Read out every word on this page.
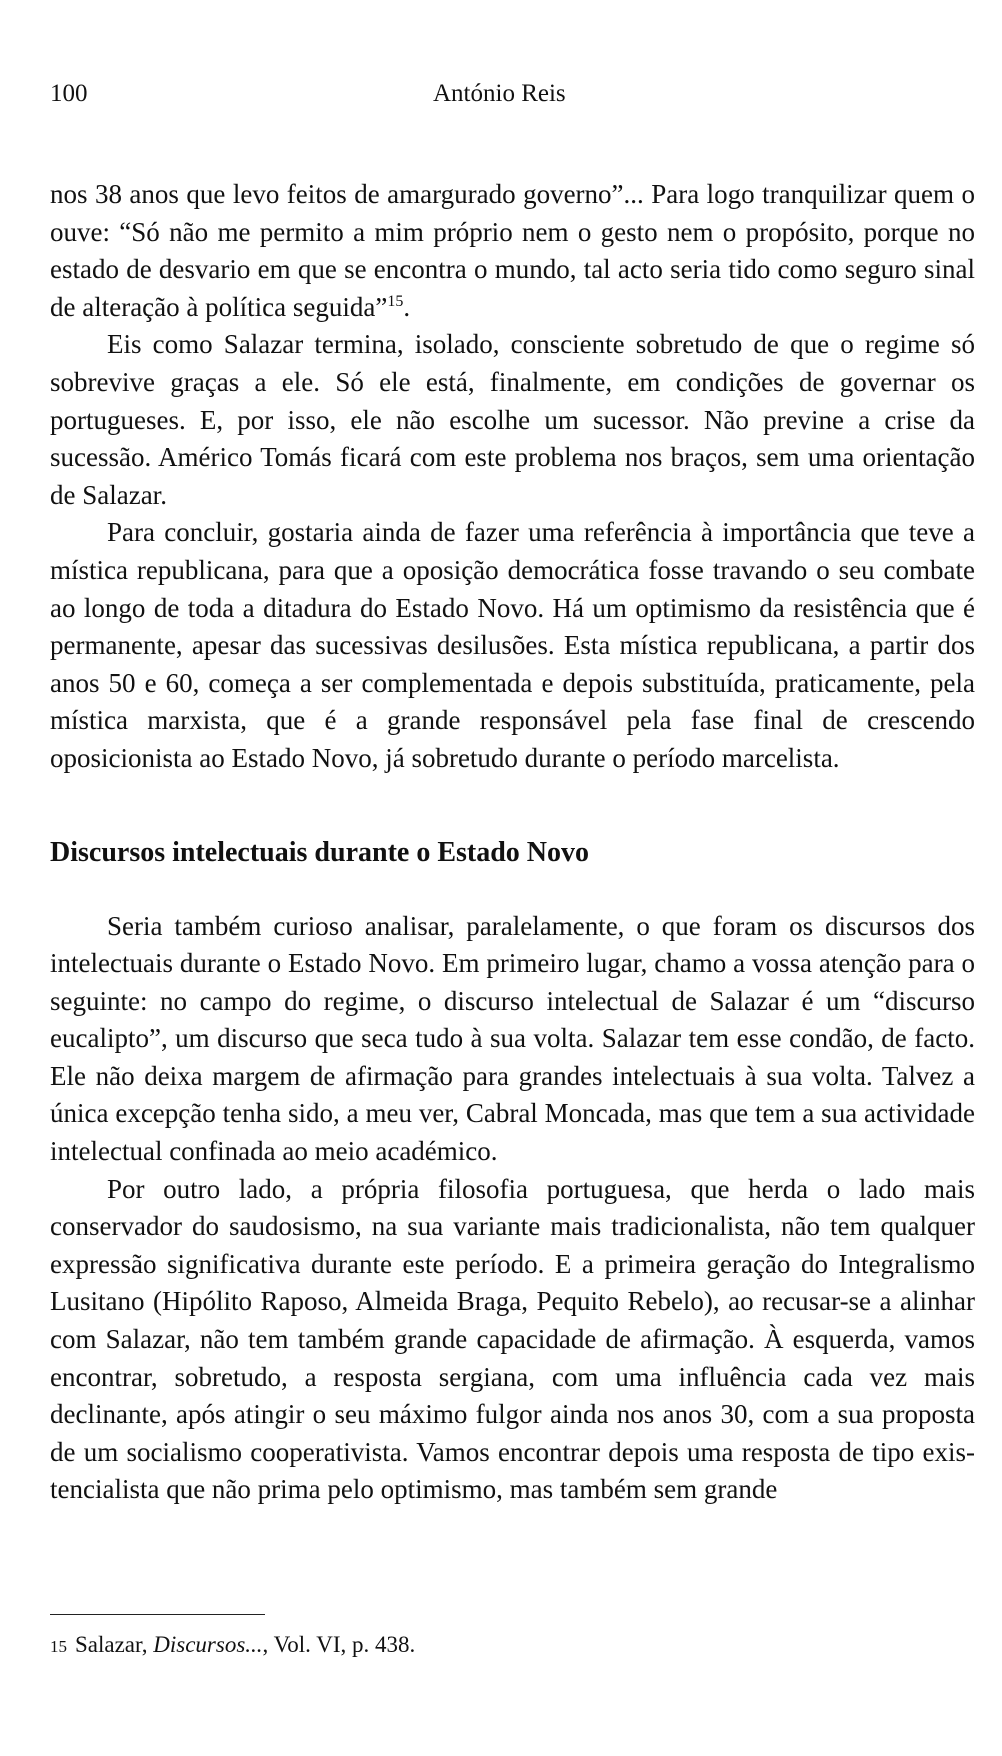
100	António Reis

nos 38 anos que levo feitos de amargurado governo”... Para logo tranquilizar quem o ouve: “Só não me permito a mim próprio nem o gesto nem o propósito, porque no estado de desvario em que se encontra o mundo, tal acto seria tido como seguro sinal de alteração à política seguida”$^{15}$.

Eis como Salazar termina, isolado, consciente sobretudo de que o regime só sobrevive graças a ele. Só ele está, finalmente, em condições de governar os portugueses. E, por isso, ele não escolhe um sucessor. Não previne a crise da sucessão. Américo Tomás ficará com este problema nos braços, sem uma orientação de Salazar.

Para concluir, gostaria ainda de fazer uma referência à importância que teve a mística republicana, para que a oposição democrática fosse travando o seu combate ao longo de toda a ditadura do Estado Novo. Há um optimismo da resistência que é permanente, apesar das sucessivas desilusões. Esta mística republicana, a partir dos anos 50 e 60, começa a ser complementada e depois substituída, praticamente, pela mística marxista, que é a grande responsável pela fase final de crescendo oposicionista ao Estado Novo, já sobretudo durante o período marcelista.

Discursos intelectuais durante o Estado Novo

Seria também curioso analisar, paralelamente, o que foram os discursos dos intelectuais durante o Estado Novo. Em primeiro lugar, chamo a vossa atenção para o seguinte: no campo do regime, o discurso intelectual de Salazar é um “discurso eucalipto”, um discurso que seca tudo à sua volta. Salazar tem esse condão, de facto. Ele não deixa margem de afirmação para grandes intelectuais à sua volta. Talvez a única excepção tenha sido, a meu ver, Cabral Moncada, mas que tem a sua actividade intelectual confinada ao meio académico.

Por outro lado, a própria filosofia portuguesa, que herda o lado mais conservador do saudosismo, na sua variante mais tradicionalista, não tem qualquer expressão significativa durante este período. E a primeira geração do Integralismo Lusitano (Hipólito Raposo, Almeida Braga, Pequito Rebelo), ao recusar-se a alinhar com Salazar, não tem também grande capacidade de afirmação. À esquerda, vamos encontrar, sobretudo, a resposta sergiana, com uma influência cada vez mais declinante, após atingir o seu máximo fulgor ainda nos anos 30, com a sua proposta de um socialismo cooperativista. Vamos encontrar depois uma resposta de tipo existencialista que não prima pelo optimismo, mas também sem grande

15 Salazar, Discursos..., Vol. VI, p. 438.
